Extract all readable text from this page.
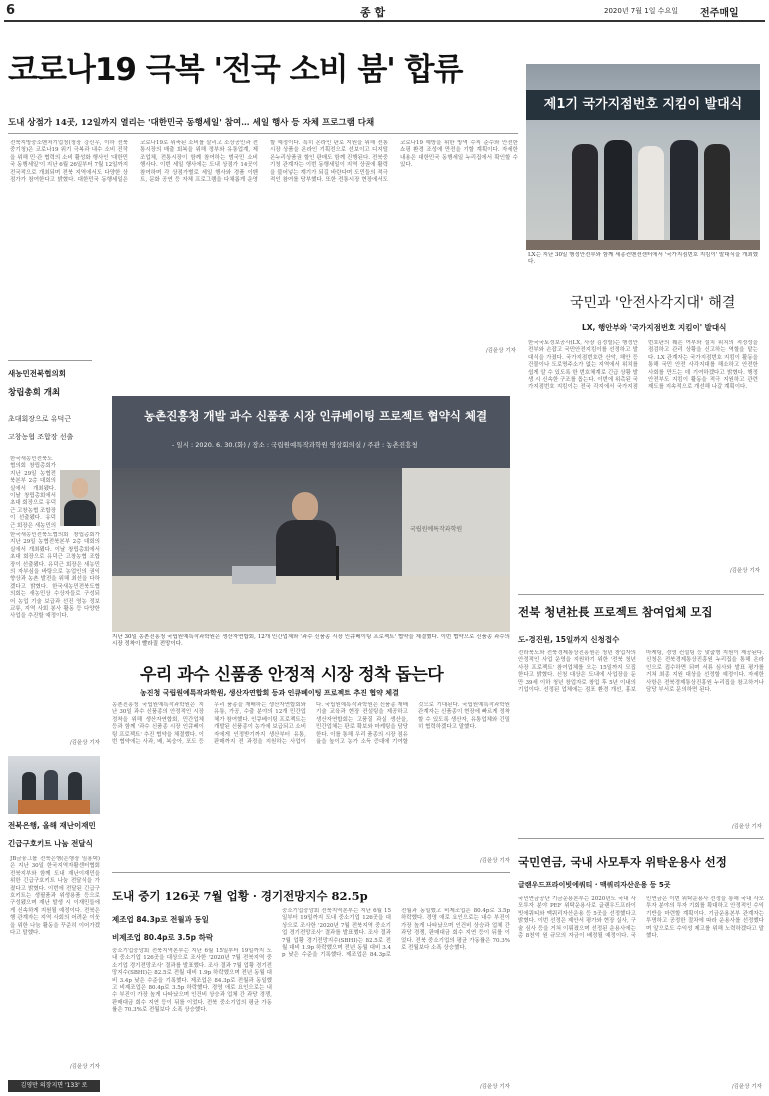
6	종 합	2020년 7월 1일 수요일 전주매일
코로나19 극복 '전국 소비 붐' 합류
도내 상점가 14곳, 12일까지 열리는 '대한민국 동행세일' 참여… 세일 행사 등 자체 프로그램 다채
전북지방중소벤처기업청(청장 강신우, 이하 전북중기청)은 코로나19 위기 극복과 내수 소비 진작을 위해 민·관 협력의 소비 활성화 행사인 '대한민국 동행세일'이 지난 6월 26일부터 7월 12일까지 전국적으로 개최되며 전북 지역에서도 다양한 상점가가 참여한다고 밝혔다. 대한민국 동행세일은 코로나19로 위축된 소비를 살리고 소상공인과 전통시장의 매출 회복을 위해 정부와 유통업계, 제조업체, 전통시장이 함께 참여하는 범국민 소비 행사다. 이번 세일 행사에는 도내 상점가 14곳이 참여하며 각 상점가별로 세일 행사와 경품 이벤트, 문화 공연 등 자체 프로그램을 다채롭게 운영할 예정이다. 특히 온라인 판로 지원을 위해 전통시장 상품을 온라인 기획전으로 선보이고 디지털 온누리상품권 할인 판매도 함께 진행된다. 전북중기청 관계자는 이번 동행세일이 지역 상권에 활력을 불어넣는 계기가 되길 바란다며 도민들의 적극적인 참여를 당부했다. 또한 전통시장 현장에서도 코로나19 예방을 위한 방역 수칙 준수와 안전한 쇼핑 환경 조성에 만전을 기할 계획이다. 자세한 내용은 대한민국 동행세일 누리집에서 확인할 수 있다.
/김윤상 기자
제1기 국가지점번호 지킴이 발대식
LX는 지난 30일 행정안전부와 함께 세종컨벤션센터에서 '국가지점번호 지킴이' 발대식을 개최했다.
국민과 '안전사각지대' 해결
LX, 행안부와 '국가지점번호 지킴이' 발대식
한국국토정보공사(LX, 사장 김정렬)는 행정안전부와 손잡고 국민안전지킴이를 선정하고 발대식을 가졌다. 국가지점번호란 산악, 해안 등 건물이나 도로명주소가 없는 지역에서 위치를 쉽게 알 수 있도록 한 번호체계로 긴급 상황 발생 시 신속한 구조를 돕는다. 이번에 위촉된 국가지점번호 지킴이는 전국 각지에서 국가지점번호판의 훼손 여부와 설치 위치의 적정성을 점검하고 관리 상황을 신고하는 역할을 맡는다. LX 관계자는 국가지점번호 지킴이 활동을 통해 국민 안전 사각지대를 해소하고 안전한 사회를 만드는 데 기여하겠다고 밝혔다. 행정안전부도 지킴이 활동을 적극 지원하고 관련 제도를 지속적으로 개선해 나갈 계획이다.
/김윤상 기자
새농민전북협의회
창립총회 개최
초대회장으로 유덕근
고창농협 조합장 선출
한국새농민전북도협의회 창립총회가 지난 29일 농협전북본부 2층 대회의실에서 개최됐다. 이날 창립총회에서 초대 회장으로 유덕근 고창농협 조합장이 선출됐다. 유덕근 회장은 새농민의
한국새농민전북도협의회 창립총회가 지난 29일 농협전북본부 2층 대회의실에서 개최됐다. 이날 창립총회에서 초대 회장으로 유덕근 고창농협 조합장이 선출됐다. 유덕근 회장은 새농민의 자부심을 바탕으로 농업인의 권익 향상과 농촌 발전을 위해 최선을 다하겠다고 밝혔다. 한국새농민전북도협의회는 새농민상 수상자들로 구성되어 농업 기술 보급과 선진 영농 정보 교류, 지역 사회 봉사 활동 등 다양한 사업을 추진할 예정이다.
/김윤상 기자
전북은행, 올해 재난이재민
긴급구호키트 나눔 전달식
JB금융그룹 전북은행(은행장 임용택)은 지난 30일 한국지역자활센터협회 전북지부와 함께 도내 재난이재민을 위한 긴급구호키트 나눔 전달식을 가졌다고 밝혔다. 이번에 전달된 긴급구호키트는 생필품과 위생용품 등으로 구성됐으며 재난 발생 시 이재민들에게 신속하게 지원될 예정이다. 전북은행 관계자는 지역 사회의 어려운 이웃을 위한 나눔 활동을 꾸준히 이어가겠다고 말했다.
/김윤상 기자
김영만 의장지면 '133' 로
농촌진흥청 개발 과수 신품종 시장 인큐베이팅 프로젝트 협약식 체결
- 일시 : 2020. 6. 30.(화) / 장소 : 국립원예특작과학원 영상회의실 / 주관 : 농촌진흥청
국립원예특작과학원
지난 30일 농촌진흥청 국립원예특작과학원은 생산자연합회, 12개 민간업체와 '과수 신품종 시장 인큐베이팅 프로젝트' 협약을 체결했다. 이번 협약으로 신품종 과수의 시장 정착이 빨라질 전망이다.
우리 과수 신품종 안정적 시장 정착 돕는다
농진청 국립원예특작과학원, 생산자연합회 등과 인큐베이팅 프로젝트 추진 협약 체결
농촌진흥청 국립원예특작과학원은 지난 30일 과수 신품종의 안정적인 시장 정착을 위해 생산자연합회, 민간업체 등과 함께 '과수 신품종 시장 인큐베이팅 프로젝트' 추진 협약을 체결했다. 이번 협약에는 사과, 배, 복숭아, 포도 등 우리 품종을 재배하는 생산자연합회와 유통, 가공, 수출 분야의 12개 민간업체가 참여했다. 인큐베이팅 프로젝트는 개발된 신품종이 농가에 보급되고 소비자에게 인정받기까지 생산부터 유통, 판매까지 전 과정을 지원하는 사업이다. 국립원예특작과학원은 신품종 재배 기술 교육과 현장 컨설팅을 제공하고 생산자연합회는 고품질 과실 생산을, 민간업체는 판로 확보와 마케팅을 담당한다. 이를 통해 우리 품종의 시장 점유율을 높이고 농가 소득 증대에 기여할 것으로 기대된다. 국립원예특작과학원 관계자는 신품종이 현장에 빠르게 정착할 수 있도록 생산자, 유통업체와 긴밀히 협력하겠다고 말했다.
/김윤상 기자
전북 청년社長 프로젝트 참여업체 모집
도-경진원, 15일까지 신청접수
전라북도와 전북경제통상진흥원은 청년 창업자의 안정적인 사업 운영을 지원하기 위한 '전북 청년사장 프로젝트' 참여업체를 오는 15일까지 모집한다고 밝혔다. 신청 대상은 도내에 사업장을 둔 만 39세 이하 청년 창업자로 창업 후 5년 이내의 기업이다. 선정된 업체에는 점포 환경 개선, 홍보 마케팅, 경영 컨설팅 등 맞춤형 지원이 제공된다. 신청은 전북경제통상진흥원 누리집을 통해 온라인으로 접수하면 되며 서류 심사와 발표 평가를 거쳐 최종 지원 대상을 선정할 예정이다. 자세한 사항은 전북경제통상진흥원 누리집을 참고하거나 담당 부서로 문의하면 된다.
/김윤상 기자
국민연금, 국내 사모투자 위탁운용사 선정
글랜우드프라이빗에쿼티 · 맥쿼리자산운용 등 5곳
국민연금공단 기금운용본부는 2020년도 국내 사모투자 분야 PEF 위탁운용사로 글랜우드프라이빗에쿼티와 맥쿼리자산운용 등 5곳을 선정했다고 밝혔다. 이번 선정은 제안서 평가와 현장 실사, 구술 심사 등을 거쳐 이뤄졌으며 선정된 운용사에는 총 8천억 원 규모의 자금이 배정될 예정이다. 국민연금은 이번 위탁운용사 선정을 통해 국내 사모투자 분야의 투자 기회를 확대하고 안정적인 수익 기반을 마련할 계획이다. 기금운용본부 관계자는 투명하고 공정한 절차에 따라 운용사를 선정했다며 앞으로도 수익성 제고를 위해 노력하겠다고 말했다.
/김윤상 기자
도내 중기 126곳 7월 업황 · 경기전망지수 82.5p
제조업 84.3p로 전월과 동일
비제조업 80.4p로 3.5p 하락
중소기업중앙회 전북지역본부는 지난 6월 15일부터 19일까지 도내 중소기업 126곳을 대상으로 조사한 '2020년 7월 전북지역 중소기업 경기전망조사' 결과를 발표했다. 조사 결과 7월 업황 경기전망지수(SBHI)는 82.5로 전월 대비 1.9p 하락했으며 전년 동월 대비 3.4p 낮은 수준을 기록했다. 제조업은 84.3p로 전월과 동일했고 비제조업은 80.4p로 3.5p 하락했다. 경영 애로 요인으로는 내수 부진이 가장 높게 나타났으며 인건비 상승과 업체 간 과당 경쟁, 판매대금 회수 지연 등이 뒤를 이었다. 전북 중소기업의 평균 가동률은 70.3%로 전월보다 소폭 상승했다.
중소기업중앙회 전북지역본부는 지난 6월 15일부터 19일까지 도내 중소기업 126곳을 대상으로 조사한 '2020년 7월 전북지역 중소기업 경기전망조사' 결과를 발표했다. 조사 결과 7월 업황 경기전망지수(SBHI)는 82.5로 전월 대비 1.9p 하락했으며 전년 동월 대비 3.4p 낮은 수준을 기록했다. 제조업은 84.3p로 전월과 동일했고 비제조업은 80.4p로 3.5p 하락했다. 경영 애로 요인으로는 내수 부진이 가장 높게 나타났으며 인건비 상승과 업체 간 과당 경쟁, 판매대금 회수 지연 등이 뒤를 이었다. 전북 중소기업의 평균 가동률은 70.3%로 전월보다 소폭 상승했다.
/김윤상 기자
